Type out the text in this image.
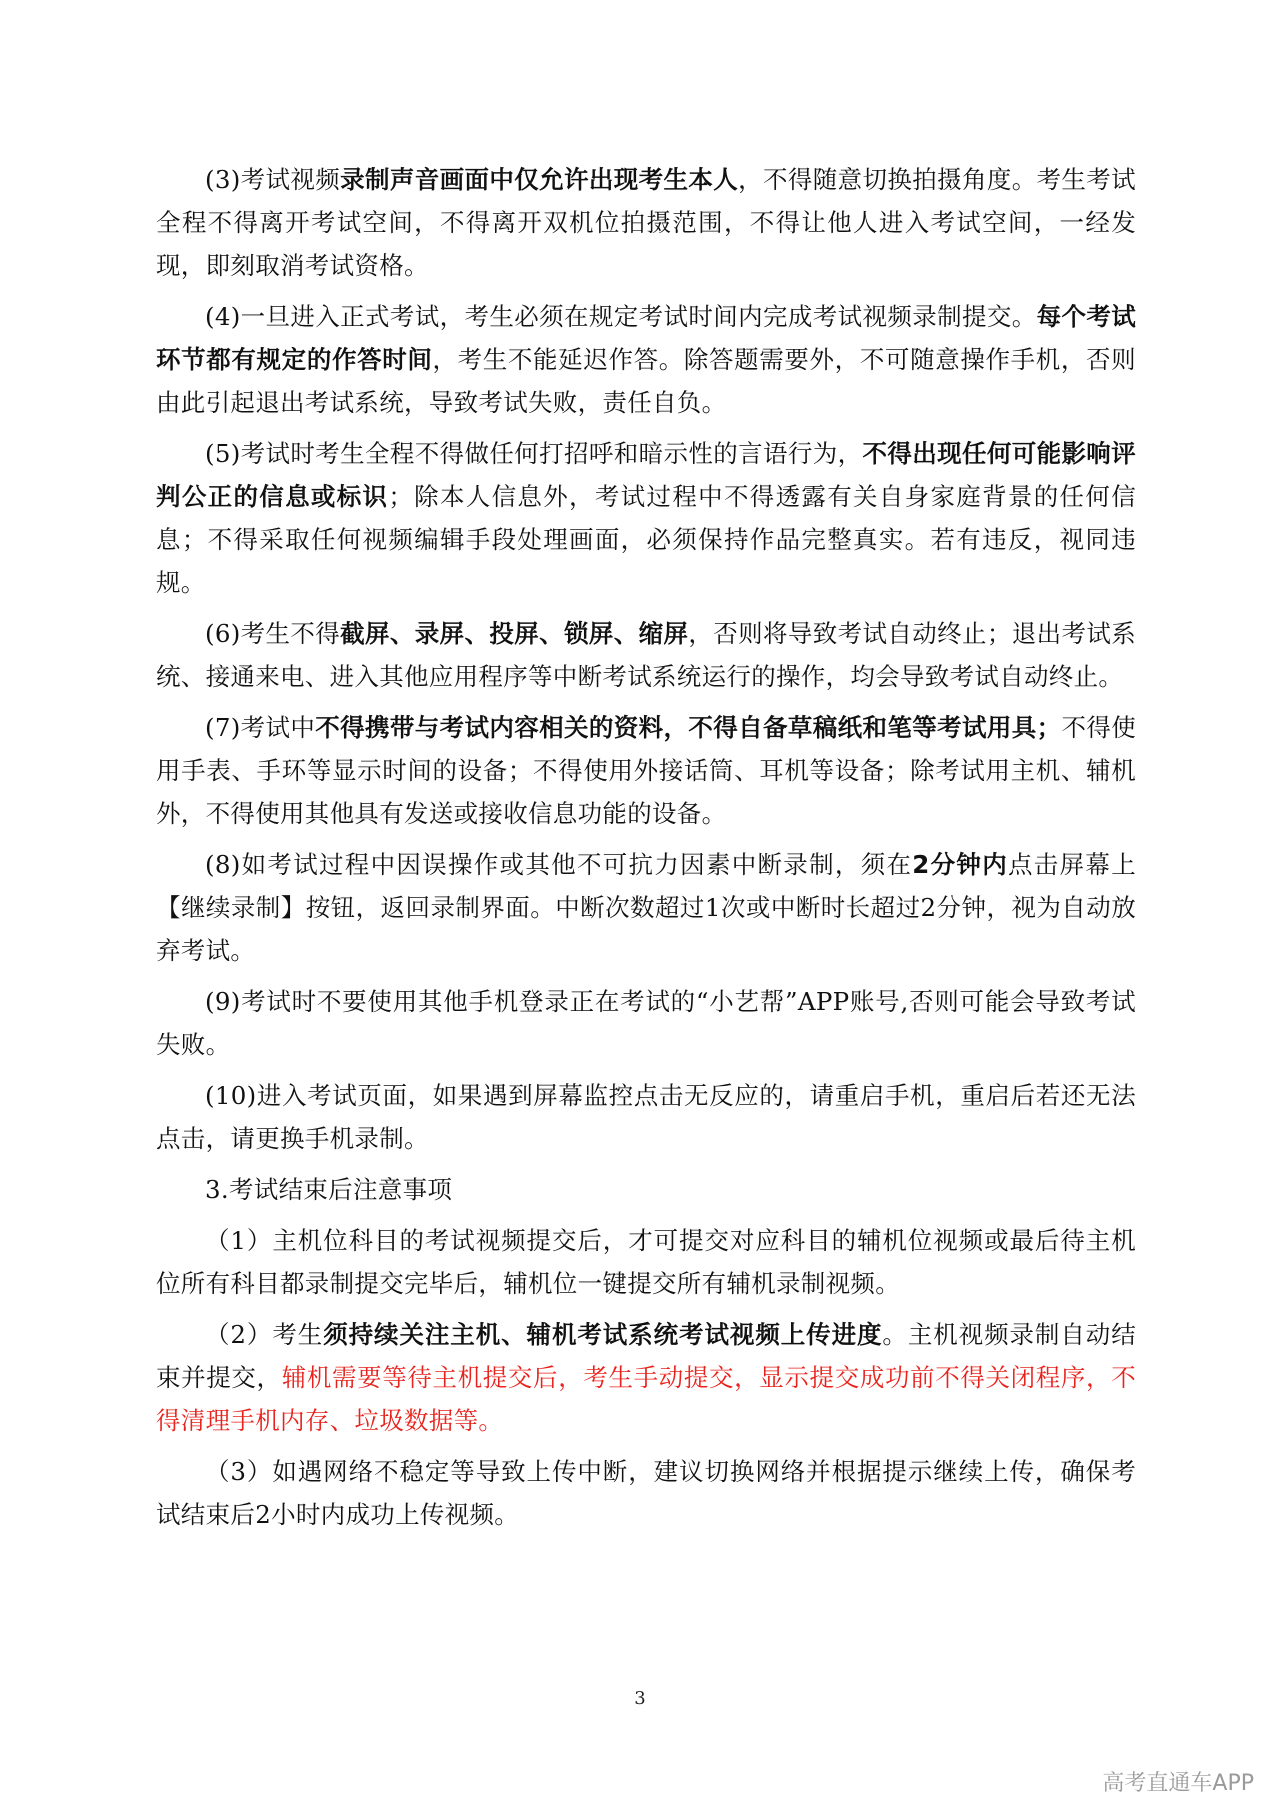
(3)考试视频录制声音画面中仅允许出现考生本人，不得随意切换拍摄角度。考生考试全程不得离开考试空间，不得离开双机位拍摄范围，不得让他人进入考试空间，一经发现，即刻取消考试资格。

(4)一旦进入正式考试，考生必须在规定考试时间内完成考试视频录制提交。每个考试环节都有规定的作答时间，考生不能延迟作答。除答题需要外，不可随意操作手机，否则由此引起退出考试系统，导致考试失败，责任自负。

(5)考试时考生全程不得做任何打招呼和暗示性的言语行为，不得出现任何可能影响评判公正的信息或标识；除本人信息外，考试过程中不得透露有关自身家庭背景的任何信息；不得采取任何视频编辑手段处理画面，必须保持作品完整真实。若有违反，视同违规。

(6)考生不得截屏、录屏、投屏、锁屏、缩屏，否则将导致考试自动终止；退出考试系统、接通来电、进入其他应用程序等中断考试系统运行的操作，均会导致考试自动终止。

(7)考试中不得携带与考试内容相关的资料，不得自备草稿纸和笔等考试用具；不得使用手表、手环等显示时间的设备；不得使用外接话筒、耳机等设备；除考试用主机、辅机外，不得使用其他具有发送或接收信息功能的设备。

(8)如考试过程中因误操作或其他不可抗力因素中断录制，须在2分钟内点击屏幕上【继续录制】按钮，返回录制界面。中断次数超过1次或中断时长超过2分钟，视为自动放弃考试。

(9)考试时不要使用其他手机登录正在考试的“小艺帮”APP账号,否则可能会导致考试失败。

(10)进入考试页面，如果遇到屏幕监控点击无反应的，请重启手机，重启后若还无法点击，请更换手机录制。

3.考试结束后注意事项

（1）主机位科目的考试视频提交后，才可提交对应科目的辅机位视频或最后待主机位所有科目都录制提交完毕后，辅机位一键提交所有辅机录制视频。

（2）考生须持续关注主机、辅机考试系统考试视频上传进度。主机视频录制自动结束并提交，辅机需要等待主机提交后，考生手动提交，显示提交成功前不得关闭程序，不得清理手机内存、垃圾数据等。

（3）如遇网络不稳定等导致上传中断，建议切换网络并根据提示继续上传，确保考试结束后2小时内成功上传视频。

3
高考直通车APP
